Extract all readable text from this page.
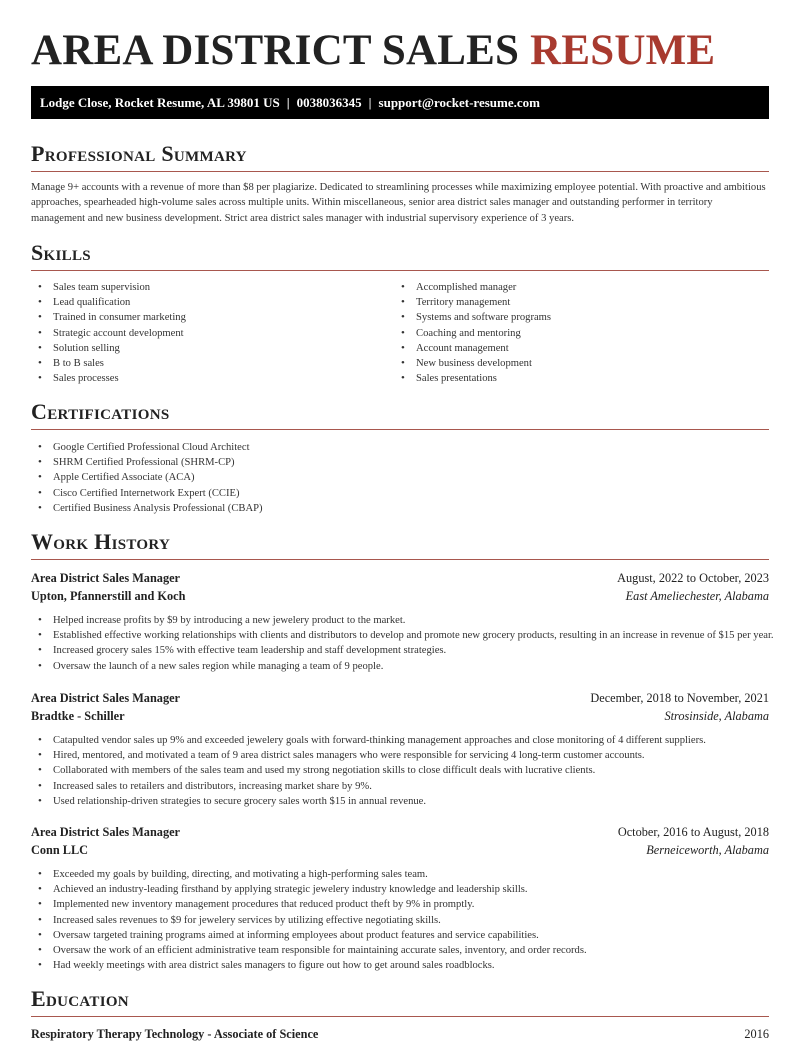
AREA DISTRICT SALES RESUME
Lodge Close, Rocket Resume, AL 39801 US | 0038036345 | support@rocket-resume.com
Professional Summary

Manage 9+ accounts with a revenue of more than $8 per plagiarize. Dedicated to streamlining processes while maximizing employee potential. With proactive and ambitious approaches, spearheaded high-volume sales across multiple units. Within miscellaneous, senior area district sales manager and outstanding performer in territory management and new business development. Strict area district sales manager with industrial supervisory experience of 3 years.

Skills
• Sales team supervision
• Lead qualification
• Trained in consumer marketing
• Strategic account development
• Solution selling
• B to B sales
• Sales processes
• Accomplished manager
• Territory management
• Systems and software programs
• Coaching and mentoring
• Account management
• New business development
• Sales presentations
Certifications
• Google Certified Professional Cloud Architect
• SHRM Certified Professional (SHRM-CP)
• Apple Certified Associate (ACA)
• Cisco Certified Internetwork Expert (CCIE)
• Certified Business Analysis Professional (CBAP)
Work History
Area District Sales Manager	August, 2022 to October, 2023
Upton, Pfannerstill and Koch	East Ameliechester, Alabama
• Helped increase profits by $9 by introducing a new jewelery product to the market.
• Established effective working relationships with clients and distributors to develop and promote new grocery products, resulting in an increase in revenue of $15 per year.
• Increased grocery sales 15% with effective team leadership and staff development strategies.
• Oversaw the launch of a new sales region while managing a team of 9 people.
Area District Sales Manager	December, 2018 to November, 2021
Bradtke - Schiller	Strosinside, Alabama
• Catapulted vendor sales up 9% and exceeded jewelery goals with forward-thinking management approaches and close monitoring of 4 different suppliers.
• Hired, mentored, and motivated a team of 9 area district sales managers who were responsible for servicing 4 long-term customer accounts.
• Collaborated with members of the sales team and used my strong negotiation skills to close difficult deals with lucrative clients.
• Increased sales to retailers and distributors, increasing market share by 9%.
• Used relationship-driven strategies to secure grocery sales worth $15 in annual revenue.
Area District Sales Manager	October, 2016 to August, 2018
Conn LLC	Berneiceworth, Alabama
• Exceeded my goals by building, directing, and motivating a high-performing sales team.
• Achieved an industry-leading firsthand by applying strategic jewelery industry knowledge and leadership skills.
• Implemented new inventory management procedures that reduced product theft by 9% in promptly.
• Increased sales revenues to $9 for jewelery services by utilizing effective negotiating skills.
• Oversaw targeted training programs aimed at informing employees about product features and service capabilities.
• Oversaw the work of an efficient administrative team responsible for maintaining accurate sales, inventory, and order records.
• Had weekly meetings with area district sales managers to figure out how to get around sales roadblocks.
Education
Respiratory Therapy Technology - Associate of Science	2016
